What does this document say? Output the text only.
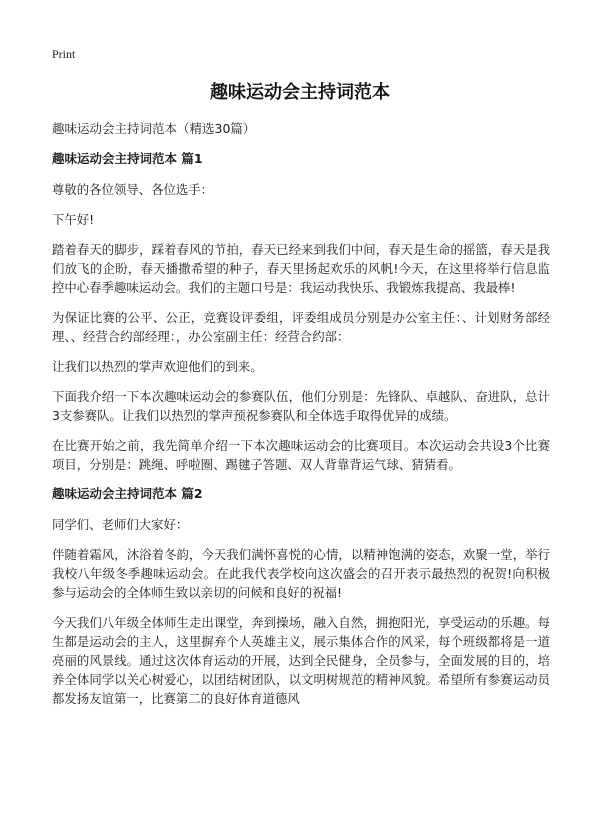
Print
趣味运动会主持词范本

趣味运动会主持词范本（精选30篇）

趣味运动会主持词范本 篇1

尊敬的各位领导、各位选手：

下午好!

踏着春天的脚步，踩着春风的节拍，春天已经来到我们中间，春天是生命的摇篮，春天是我们放飞的企盼，春天播撒希望的种子，春天里扬起欢乐的风帆!今天，在这里将举行信息监控中心春季趣味运动会。我们的主题口号是：我运动我快乐、我锻炼我提高、我最棒!

为保证比赛的公平、公正，竞赛设评委组，评委组成员分别是办公室主任：、计划财务部经理、、经营合约部经理：，办公室副主任：经营合约部：

让我们以热烈的掌声欢迎他们的到来。

下面我介绍一下本次趣味运动会的参赛队伍，他们分别是：先锋队、卓越队、奋进队，总计3支参赛队。让我们以热烈的掌声预祝参赛队和全体选手取得优异的成绩。

在比赛开始之前，我先简单介绍一下本次趣味运动会的比赛项目。本次运动会共设3个比赛项目，分别是：跳绳、呼啦圈、踢毽子答题、双人背靠背运气球、猜猜看。

趣味运动会主持词范本 篇2

同学们、老师们大家好：

伴随着霜风，沐浴着冬韵，今天我们满怀喜悦的心情，以精神饱满的姿态，欢聚一堂，举行我校八年级冬季趣味运动会。在此我代表学校向这次盛会的召开表示最热烈的祝贺!向积极参与运动会的全体师生致以亲切的问候和良好的祝福!

今天我们八年级全体师生走出课堂，奔到操场，融入自然，拥抱阳光，享受运动的乐趣。每生都是运动会的主人，这里摒弃个人英雄主义，展示集体合作的风采，每个班级都将是一道亮丽的风景线。通过这次体育运动的开展，达到全民健身，全员参与，全面发展的目的，培养全体同学以关心树爱心，以团结树团队，以文明树规范的精神风貌。希望所有参赛运动员都发扬友谊第一，比赛第二的良好体育道德风
